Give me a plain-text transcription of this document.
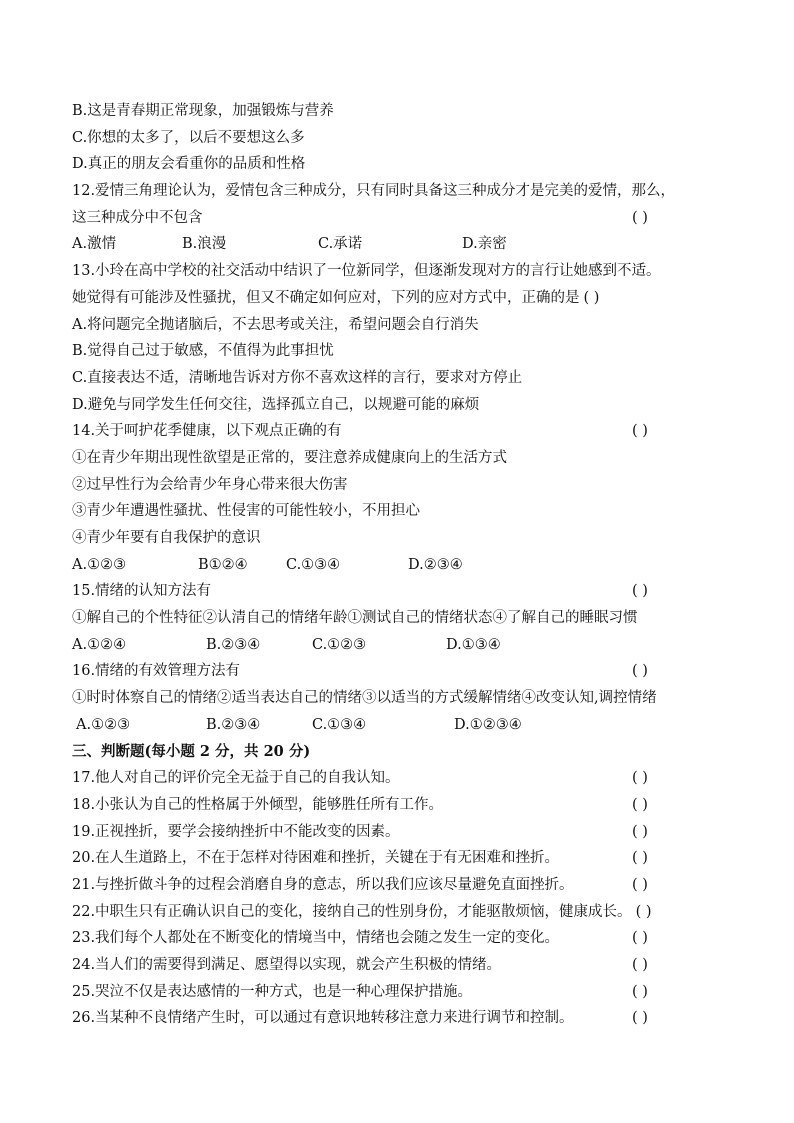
B.这是青春期正常现象，加强锻炼与营养
C.你想的太多了，以后不要想这么多
D.真正的朋友会看重你的品质和性格
12.爱情三角理论认为，爱情包含三种成分，只有同时具备这三种成分才是完美的爱情，那么，
这三种成分中不包含	( )
A.激情	B.浪漫	C.承诺	D.亲密
13.小玲在高中学校的社交活动中结识了一位新同学，但逐渐发现对方的言行让她感到不适。
她觉得有可能涉及性骚扰，但又不确定如何应对，下列的应对方式中，正确的是 ( )
A.将问题完全抛诸脑后，不去思考或关注，希望问题会自行消失
B.觉得自己过于敏感，不值得为此事担忧
C.直接表达不适，清晰地告诉对方你不喜欢这样的言行，要求对方停止
D.避免与同学发生任何交往，选择孤立自己，以规避可能的麻烦
14.关于呵护花季健康，以下观点正确的有	( )
①在青少年期出现性欲望是正常的，要注意养成健康向上的生活方式
②过早性行为会给青少年身心带来很大伤害
③青少年遭遇性骚扰、性侵害的可能性较小，不用担心
④青少年要有自我保护的意识
A.①②③	B①②④	C.①③④	D.②③④
15.情绪的认知方法有	( )
①解自己的个性特征②认清自己的情绪年龄①测试自己的情绪状态④了解自己的睡眠习惯
A.①②④	B.②③④	C.①②③	D.①③④
16.情绪的有效管理方法有	( )
①时时体察自己的情绪②适当表达自己的情绪③以适当的方式缓解情绪④改变认知,调控情绪
A.①②③	B.②③④	C.①③④	D.①②③④
三、判断题(每小题 2 分，共 20 分)
17.他人对自己的评价完全无益于自己的自我认知。	( )
18.小张认为自己的性格属于外倾型，能够胜任所有工作。	( )
19.正视挫折，要学会接纳挫折中不能改变的因素。	( )
20.在人生道路上，不在于怎样对待困难和挫折，关键在于有无困难和挫折。	( )
21.与挫折做斗争的过程会消磨自身的意志，所以我们应该尽量避免直面挫折。	( )
22.中职生只有正确认识自己的变化，接纳自己的性别身份，才能驱散烦恼，健康成长。 ( )
23.我们每个人都处在不断变化的情境当中，情绪也会随之发生一定的变化。	( )
24.当人们的需要得到满足、愿望得以实现，就会产生积极的情绪。	( )
25.哭泣不仅是表达感情的一种方式，也是一种心理保护措施。	( )
26.当某种不良情绪产生时，可以通过有意识地转移注意力来进行调节和控制。	( )
